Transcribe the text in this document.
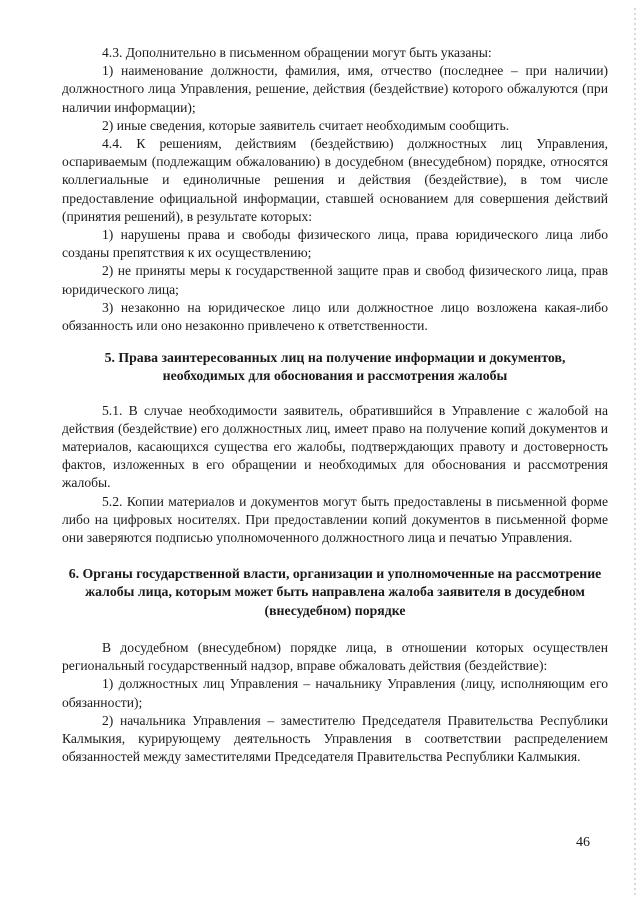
4.3. Дополнительно в письменном обращении могут быть указаны:

1) наименование должности, фамилия, имя, отчество (последнее – при наличии) должностного лица Управления, решение, действия (бездействие) которого обжалуются (при наличии информации);

2) иные сведения, которые заявитель считает необходимым сообщить.

4.4. К решениям, действиям (бездействию) должностных лиц Управления, оспариваемым (подлежащим обжалованию) в досудебном (внесудебном) порядке, относятся коллегиальные и единоличные решения и действия (бездействие), в том числе предоставление официальной информации, ставшей основанием для совершения действий (принятия решений), в результате которых:

1) нарушены права и свободы физического лица, права юридического лица либо созданы препятствия к их осуществлению;

2) не приняты меры к государственной защите прав и свобод физического лица, прав юридического лица;

3) незаконно на юридическое лицо или должностное лицо возложена какая-либо обязанность или оно незаконно привлечено к ответственности.

5. Права заинтересованных лиц на получение информации и документов, необходимых для обоснования и рассмотрения жалобы

5.1. В случае необходимости заявитель, обратившийся в Управление с жалобой на действия (бездействие) его должностных лиц, имеет право на получение копий документов и материалов, касающихся существа его жалобы, подтверждающих правоту и достоверность фактов, изложенных в его обращении и необходимых для обоснования и рассмотрения жалобы.

5.2. Копии материалов и документов могут быть предоставлены в письменной форме либо на цифровых носителях. При предоставлении копий документов в письменной форме они заверяются подписью уполномоченного должностного лица и печатью Управления.

6. Органы государственной власти, организации и уполномоченные на рассмотрение жалобы лица, которым может быть направлена жалоба заявителя в досудебном (внесудебном) порядке

В досудебном (внесудебном) порядке лица, в отношении которых осуществлен региональный государственный надзор, вправе обжаловать действия (бездействие):

1) должностных лиц Управления – начальнику Управления (лицу, исполняющим его обязанности);

2) начальника Управления – заместителю Председателя Правительства Республики Калмыкия, курирующему деятельность Управления в соответствии распределением обязанностей между заместителями Председателя Правительства Республики Калмыкия.

46
